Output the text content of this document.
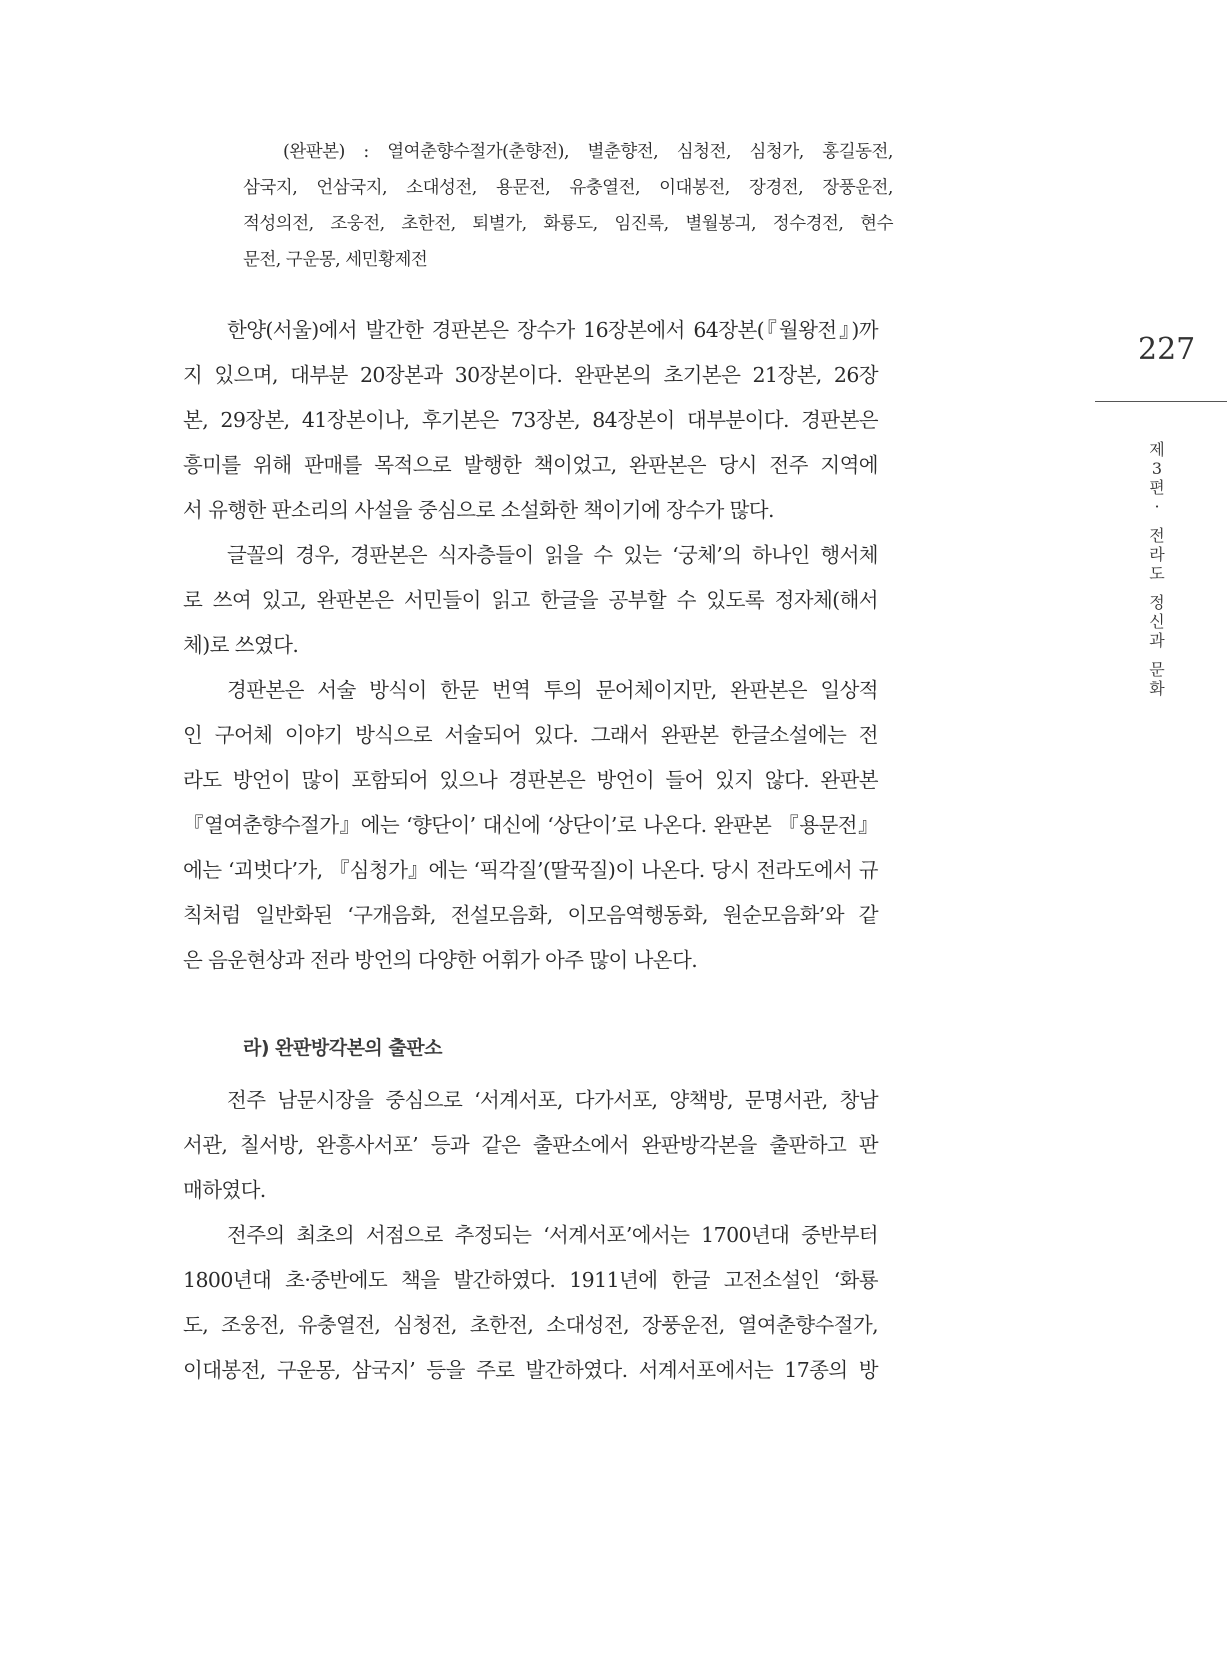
(완판본) : 열여춘향수절가(춘향전), 별춘향전, 심청전, 심청가, 홍길동전,
삼국지, 언삼국지, 소대성전, 용문전, 유충열전, 이대봉전, 장경전, 장풍운전,
적성의전, 조웅전, 초한전, 퇴별가, 화룡도, 임진록, 별월봉긔, 정수경전, 현수
문전, 구운몽, 세민황제전
한양(서울)에서 발간한 경판본은 장수가 16장본에서 64장본(『월왕전』)까
지 있으며, 대부분 20장본과 30장본이다. 완판본의 초기본은 21장본, 26장
본, 29장본, 41장본이나, 후기본은 73장본, 84장본이 대부분이다. 경판본은
흥미를 위해 판매를 목적으로 발행한 책이었고, 완판본은 당시 전주 지역에
서 유행한 판소리의 사설을 중심으로 소설화한 책이기에 장수가 많다.
글꼴의 경우, 경판본은 식자층들이 읽을 수 있는 ‘궁체’의 하나인 행서체
로 쓰여 있고, 완판본은 서민들이 읽고 한글을 공부할 수 있도록 정자체(해서
체)로 쓰였다.
경판본은 서술 방식이 한문 번역 투의 문어체이지만, 완판본은 일상적
인 구어체 이야기 방식으로 서술되어 있다. 그래서 완판본 한글소설에는 전
라도 방언이 많이 포함되어 있으나 경판본은 방언이 들어 있지 않다. 완판본
『열여춘향수절가』에는 ‘향단이’ 대신에 ‘상단이’로 나온다. 완판본 『용문전』
에는 ‘괴벗다’가, 『심청가』에는 ‘픽각질’(딸꾹질)이 나온다. 당시 전라도에서 규
칙처럼 일반화된 ‘구개음화, 전설모음화, 이모음역행동화, 원순모음화’와 같
은 음운현상과 전라 방언의 다양한 어휘가 아주 많이 나온다.
라) 완판방각본의 출판소
전주 남문시장을 중심으로 ‘서계서포, 다가서포, 양책방, 문명서관, 창남
서관, 칠서방, 완흥사서포’ 등과 같은 출판소에서 완판방각본을 출판하고 판
매하였다.
전주의 최초의 서점으로 추정되는 ‘서계서포’에서는 1700년대 중반부터
1800년대 초·중반에도 책을 발간하였다. 1911년에 한글 고전소설인 ‘화룡
도, 조웅전, 유충열전, 심청전, 초한전, 소대성전, 장풍운전, 열여춘향수절가,
이대봉전, 구운몽, 삼국지’ 등을 주로 발간하였다. 서계서포에서는 17종의 방
227
제
3
편
·
전
라
도
정
신
과
문
화
